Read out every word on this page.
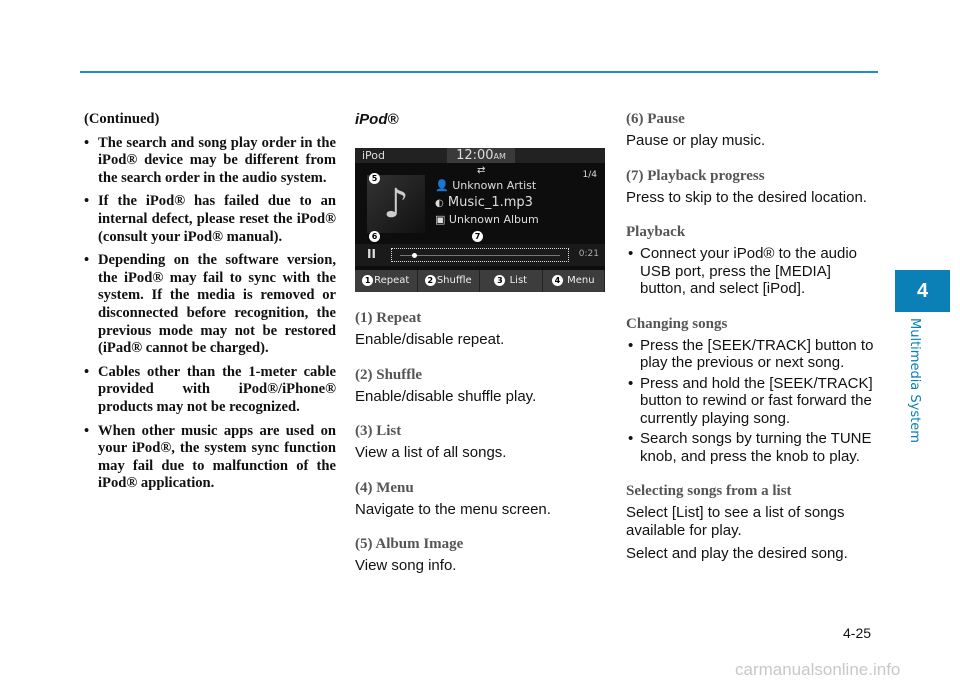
(Continued)

• The search and song play order in the iPod® device may be different from the search order in the audio system.
• If the iPod® has failed due to an internal defect, please reset the iPod® (consult your iPod® manual).
• Depending on the software version, the iPod® may fail to sync with the system. If the media is removed or disconnected before recognition, the previous mode may not be restored (iPad® cannot be charged).
• Cables other than the 1-meter cable provided with iPod®/iPhone® products may not be recognized.
• When other music apps are used on your iPod®, the system sync function may fail due to malfunction of the iPod® application.
iPod®
iPod	12:00AM
⇄	1/4
♪
5
👤 Unknown Artist
◐ Music_1.mp3
▣ Unknown Album
6	7
II	0:21
1 Repeat	2 Shuffle	3 List	4 Menu
(1) Repeat
Enable/disable repeat.
(2) Shuffle
Enable/disable shuffle play.
(3) List
View a list of all songs.
(4) Menu
Navigate to the menu screen.
(5) Album Image
View song info.
(6) Pause
Pause or play music.
(7) Playback progress
Press to skip to the desired location.
Playback
• Connect your iPod® to the audio USB port, press the [MEDIA] button, and select [iPod].
Changing songs
• Press the [SEEK/TRACK] button to play the previous or next song.
• Press and hold the [SEEK/TRACK] button to rewind or fast forward the currently playing song.
• Search songs by turning the TUNE knob, and press the knob to play.
Selecting songs from a list
Select [List] to see a list of songs available for play.
Select and play the desired song.
4
Multimedia System
4-25
carmanualsonline.info
